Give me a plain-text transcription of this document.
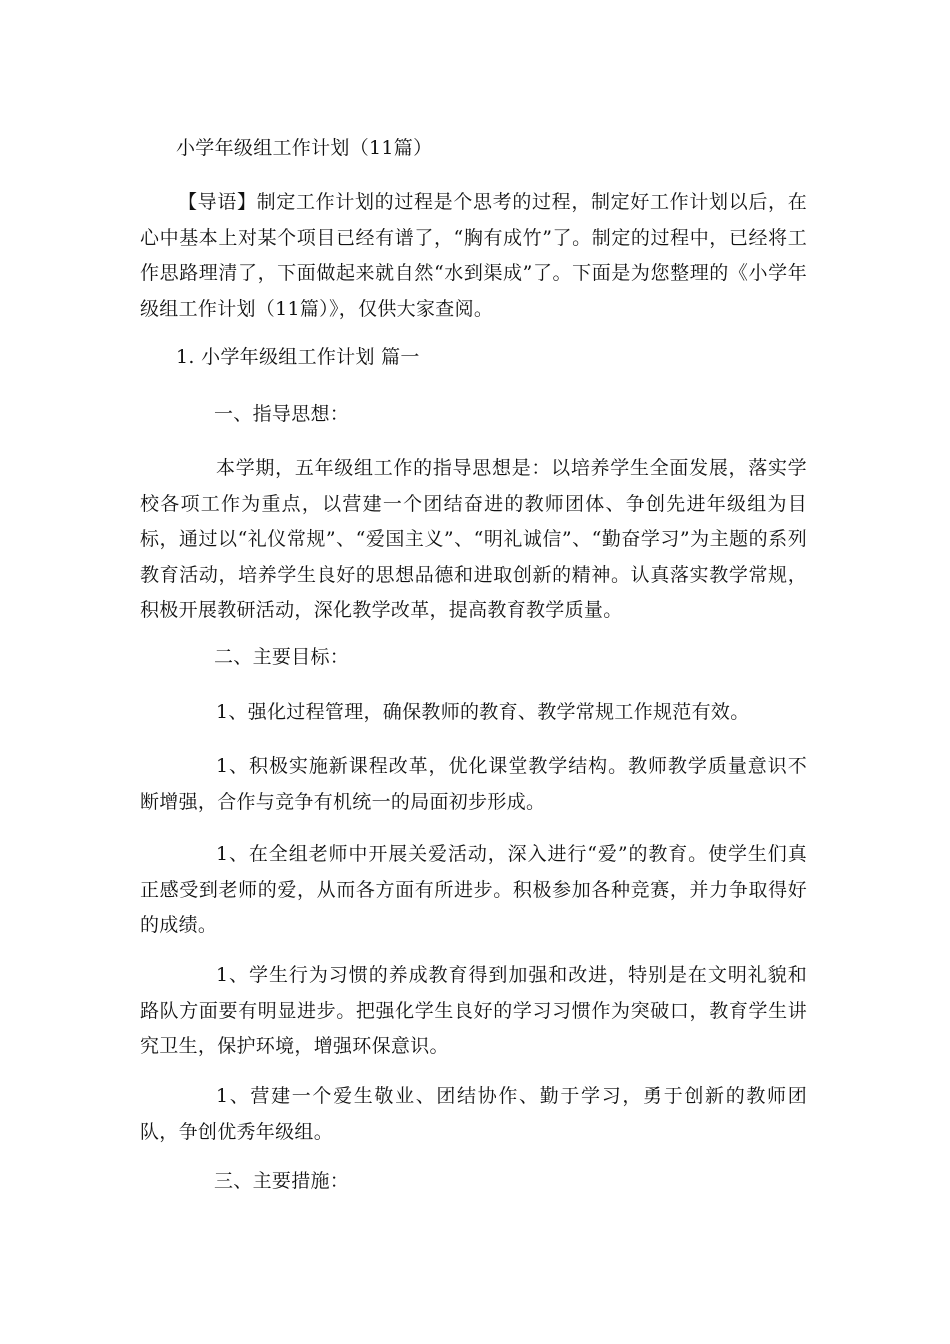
小学年级组工作计划（11篇）
【导语】制定工作计划的过程是个思考的过程，制定好工作计划以后，在心中基本上对某个项目已经有谱了，“胸有成竹”了。制定的过程中，已经将工作思路理清了，下面做起来就自然“水到渠成”了。下面是为您整理的《小学年级组工作计划（11篇）》，仅供大家查阅。
1. 小学年级组工作计划 篇一
一、指导思想：
本学期，五年级组工作的指导思想是：以培养学生全面发展，落实学校各项工作为重点，以营建一个团结奋进的教师团体、争创先进年级组为目标，通过以“礼仪常规”、“爱国主义”、“明礼诚信”、“勤奋学习”为主题的系列教育活动，培养学生良好的思想品德和进取创新的精神。认真落实教学常规，积极开展教研活动，深化教学改革，提高教育教学质量。
二、主要目标：
1、强化过程管理，确保教师的教育、教学常规工作规范有效。
1、积极实施新课程改革，优化课堂教学结构。教师教学质量意识不断增强，合作与竞争有机统一的局面初步形成。
1、在全组老师中开展关爱活动，深入进行“爱”的教育。使学生们真正感受到老师的爱，从而各方面有所进步。积极参加各种竞赛，并力争取得好的成绩。
1、学生行为习惯的养成教育得到加强和改进，特别是在文明礼貌和路队方面要有明显进步。把强化学生良好的学习习惯作为突破口，教育学生讲究卫生，保护环境，增强环保意识。
1、营建一个爱生敬业、团结协作、勤于学习，勇于创新的教师团队，争创优秀年级组。
三、主要措施：
